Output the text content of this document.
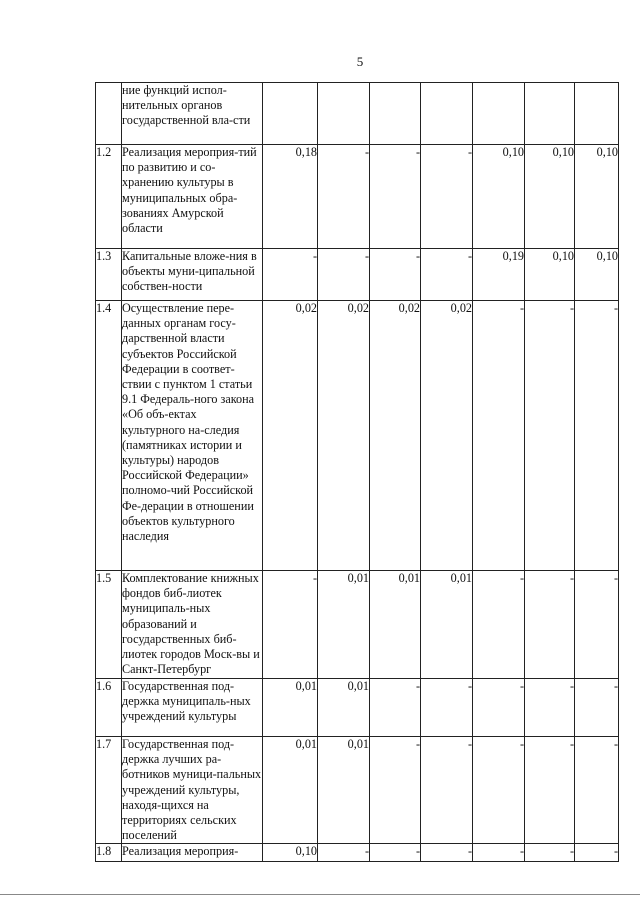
5
	ние функций испол-нительных органов государственной вла-сти							
1.2	Реализация мероприя-тий по развитию и со-хранению культуры в муниципальных обра-зованиях Амурской области	0,18	-	-	-	0,10	0,10	0,10
1.3	Капитальные вложе-ния в объекты муни-ципальной собствен-ности	-	-	-	-	0,19	0,10	0,10
1.4	Осуществление пере-данных органам госу-дарственной власти субъектов Российской Федерации в соответ-ствии с пунктом 1 статьи 9.1 Федераль-ного закона «Об объ-ектах культурного на-следия (памятниках истории и культуры) народов Российской Федерации» полномо-чий Российской Фе-дерации в отношении объектов культурного наследия	0,02	0,02	0,02	0,02	-	-	-
1.5	Комплектование книжных фондов биб-лиотек муниципаль-ных образований и государственных биб-лиотек городов Моск-вы и Санкт-Петербург	-	0,01	0,01	0,01	-	-	-
1.6	Государственная под-держка муниципаль-ных учреждений культуры	0,01	0,01	-	-	-	-	-
1.7	Государственная под-держка лучших ра-ботников муници-пальных учреждений культуры, находя-щихся на территориях сельских поселений	0,01	0,01	-	-	-	-	-
1.8	Реализация мероприя-	0,10	-	-	-	-	-	-
